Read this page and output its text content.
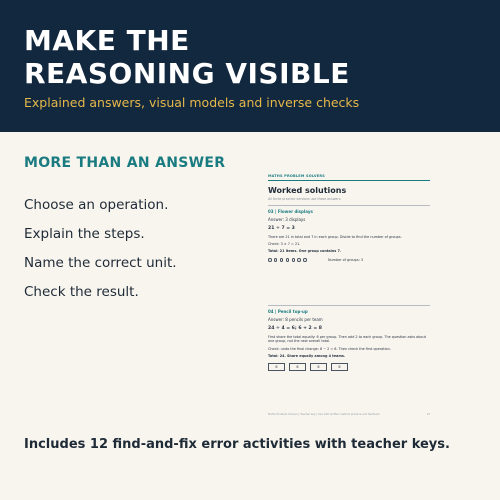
MAKE THE
REASONING VISIBLE

Explained answers, visual models and inverse checks

MORE THAN AN ANSWER
Choose an operation.
Explain the steps.
Name the correct unit.
Check the result.
MATHS PROBLEM SOLVERS
Worked solutions
All three practice versions use these answers.
03 | Flower displays
Answer: 3 displays
21 ÷ 7 = 3
There are 21 in total and 7 in each group. Divide to find the number of groups.
Check: 3 × 7 = 21.
Total: 21 items. One group contains 7.
Number of groups: 3
04 | Pencil top-up
Answer: 8 pencils per team
24 ÷ 4 = 6; 6 + 2 = 8
First share the total equally: 6 per group. Then add 2 to each group. The question asks about one group, not the new overall total.
Check: undo the final change: 8 − 2 = 6. Then check the first operation.
Total: 24. Share equally among 4 teams.
6	6	6	6
Maths Problem Solvers | Teacher key | Use with written method practice and feedback	15

Includes 12 find-and-fix error activities with teacher keys.
